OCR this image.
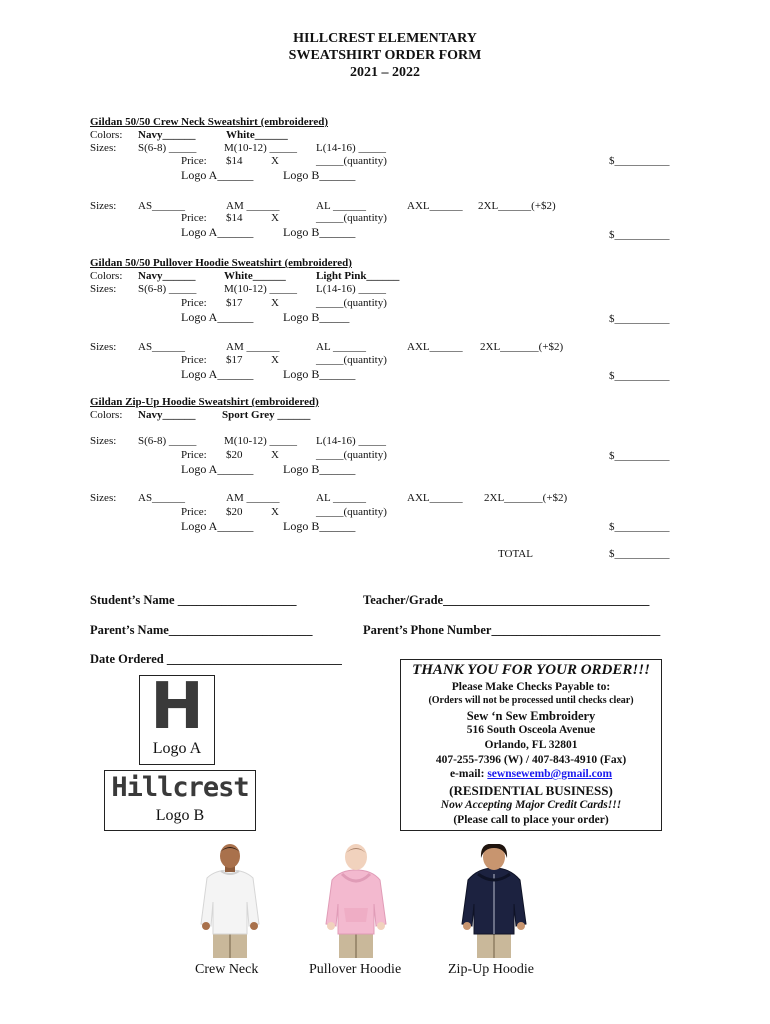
HILLCREST ELEMENTARY
SWEATSHIRT ORDER FORM
2021 – 2022
Gildan 50/50 Crew Neck Sweatshirt (embroidered)
Colors: Navy______	White______
Sizes: S(6-8) _____	M(10-12) _____ L(14-16) _____
Price: $14	X	_____(quantity)	$__________
Logo A______ Logo B______
Sizes: AS______	AM ______	AL ______	AXL______ 2XL______(+$2)
Price: $14	X	_____(quantity)
Logo A______ Logo B______	$__________
Gildan 50/50 Pullover Hoodie Sweatshirt (embroidered)
Colors: Navy______	White______	Light Pink______
Sizes: S(6-8) _____	M(10-12) _____ L(14-16) _____
Price: $17	X	_____(quantity)
Logo A______ Logo B_____	$__________
Sizes: AS______	AM ______	AL ______	AXL______ 2XL_______(+$2)
Price: $17	X	_____(quantity)
Logo A______ Logo B______	$__________
Gildan Zip-Up Hoodie Sweatshirt (embroidered)
Colors: Navy______ Sport Grey ______
Sizes: S(6-8) _____	M(10-12) _____ L(14-16) _____
Price: $20	X	_____(quantity)	$__________
Logo A______ Logo B______
Sizes: AS______	AM ______	AL ______	AXL______ 2XL_______(+$2)
Price: $20	X	_____(quantity)
Logo A______ Logo B______	$__________
TOTAL	$__________
Student’s Name ___________________	Teacher/Grade_________________________________
Parent’s Name_______________________	Parent’s Phone Number___________________________
Date Ordered ____________________________
THANK YOU FOR YOUR ORDER!!!
Please Make Checks Payable to:
(Orders will not be processed until checks clear)
Sew ‘n Sew Embroidery
516 South Osceola Avenue
Orlando, FL 32801
407-255-7396 (W) / 407-843-4910 (Fax)
e-mail: sewnsewemb@gmail.com
(RESIDENTIAL BUSINESS)
Now Accepting Major Credit Cards!!!
(Please call to place your order)
H
Logo A
Hillcrest
Logo B
Crew Neck	Pullover Hoodie	Zip-Up Hoodie
